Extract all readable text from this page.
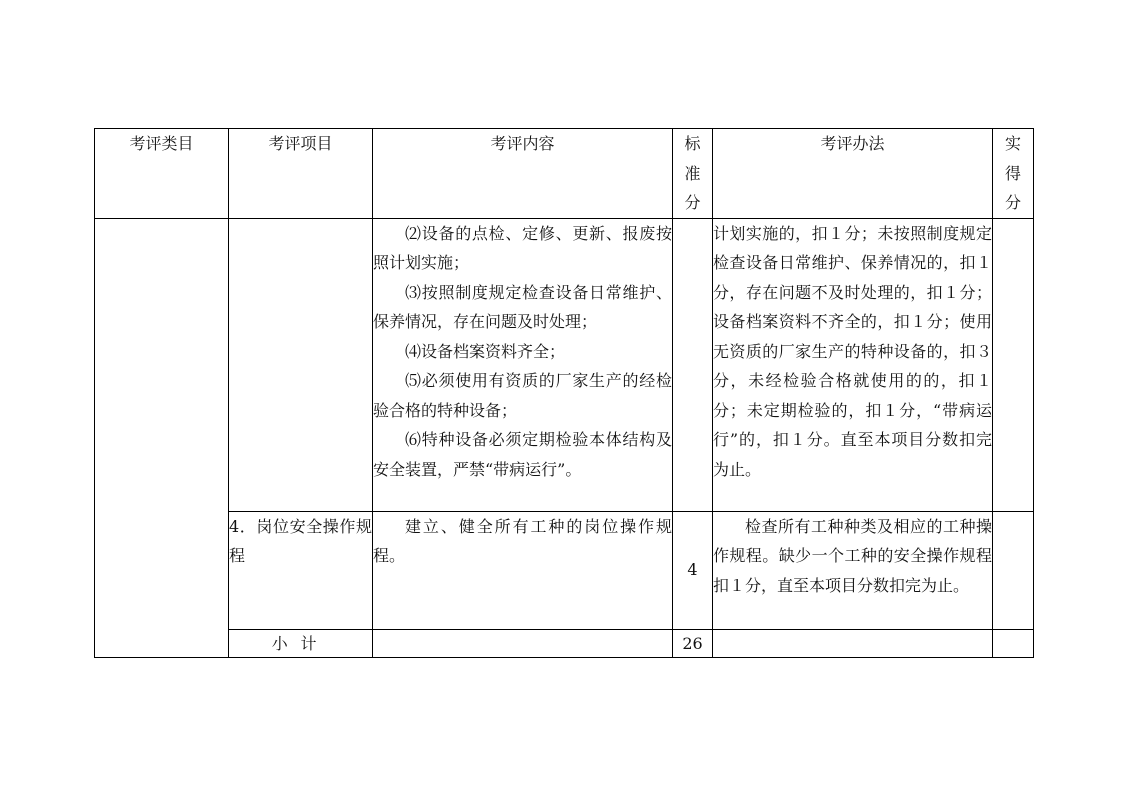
考评类目	考评项目	考评内容	标
准
分	考评办法	实
得
分

		⑵设备的点检、定修、更新、报废按照计划实施；
⑶按照制度规定检查设备日常维护、保养情况，存在问题及时处理；
⑷设备档案资料齐全；
⑸必须使用有资质的厂家生产的经检验合格的特种设备；
⑹特种设备必须定期检验本体结构及安全装置，严禁“带病运行”。		计划实施的，扣１分；未按照制度规定检查设备日常维护、保养情况的，扣１分，存在问题不及时处理的，扣１分；设备档案资料不齐全的，扣１分；使用无资质的厂家生产的特种设备的，扣３分，未经检验合格就使用的的，扣１分；未定期检验的，扣１分，“带病运行”的，扣１分。直至本项目分数扣完为止。	
	4．岗位安全操作规程	建立、健全所有工种的岗位操作规程。	4	检查所有工种种类及相应的工种操作规程。缺少一个工种的安全操作规程扣１分，直至本项目分数扣完为止。	
	小计		26		
